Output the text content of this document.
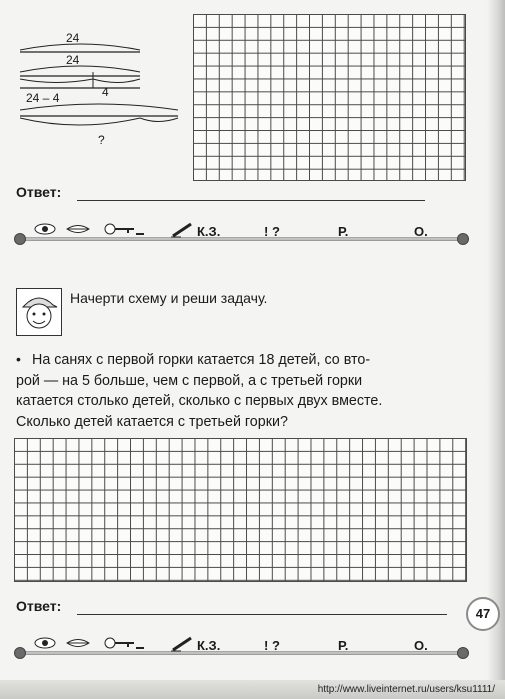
24
24
24 – 4	4
?
Ответ:
К.З.	! ?	Р.	О.
Начерти схему и реши задачу.
• На санях с первой горки катается 18 детей, со вто-
рой — на 5 больше, чем с первой, а с третьей горки
катается столько детей, сколько с первых двух вместе.
Сколько детей катается с третьей горки?
Ответ:	47
К.З.	! ?	Р.	О.
http://www.liveinternet.ru/users/ksu1111/
